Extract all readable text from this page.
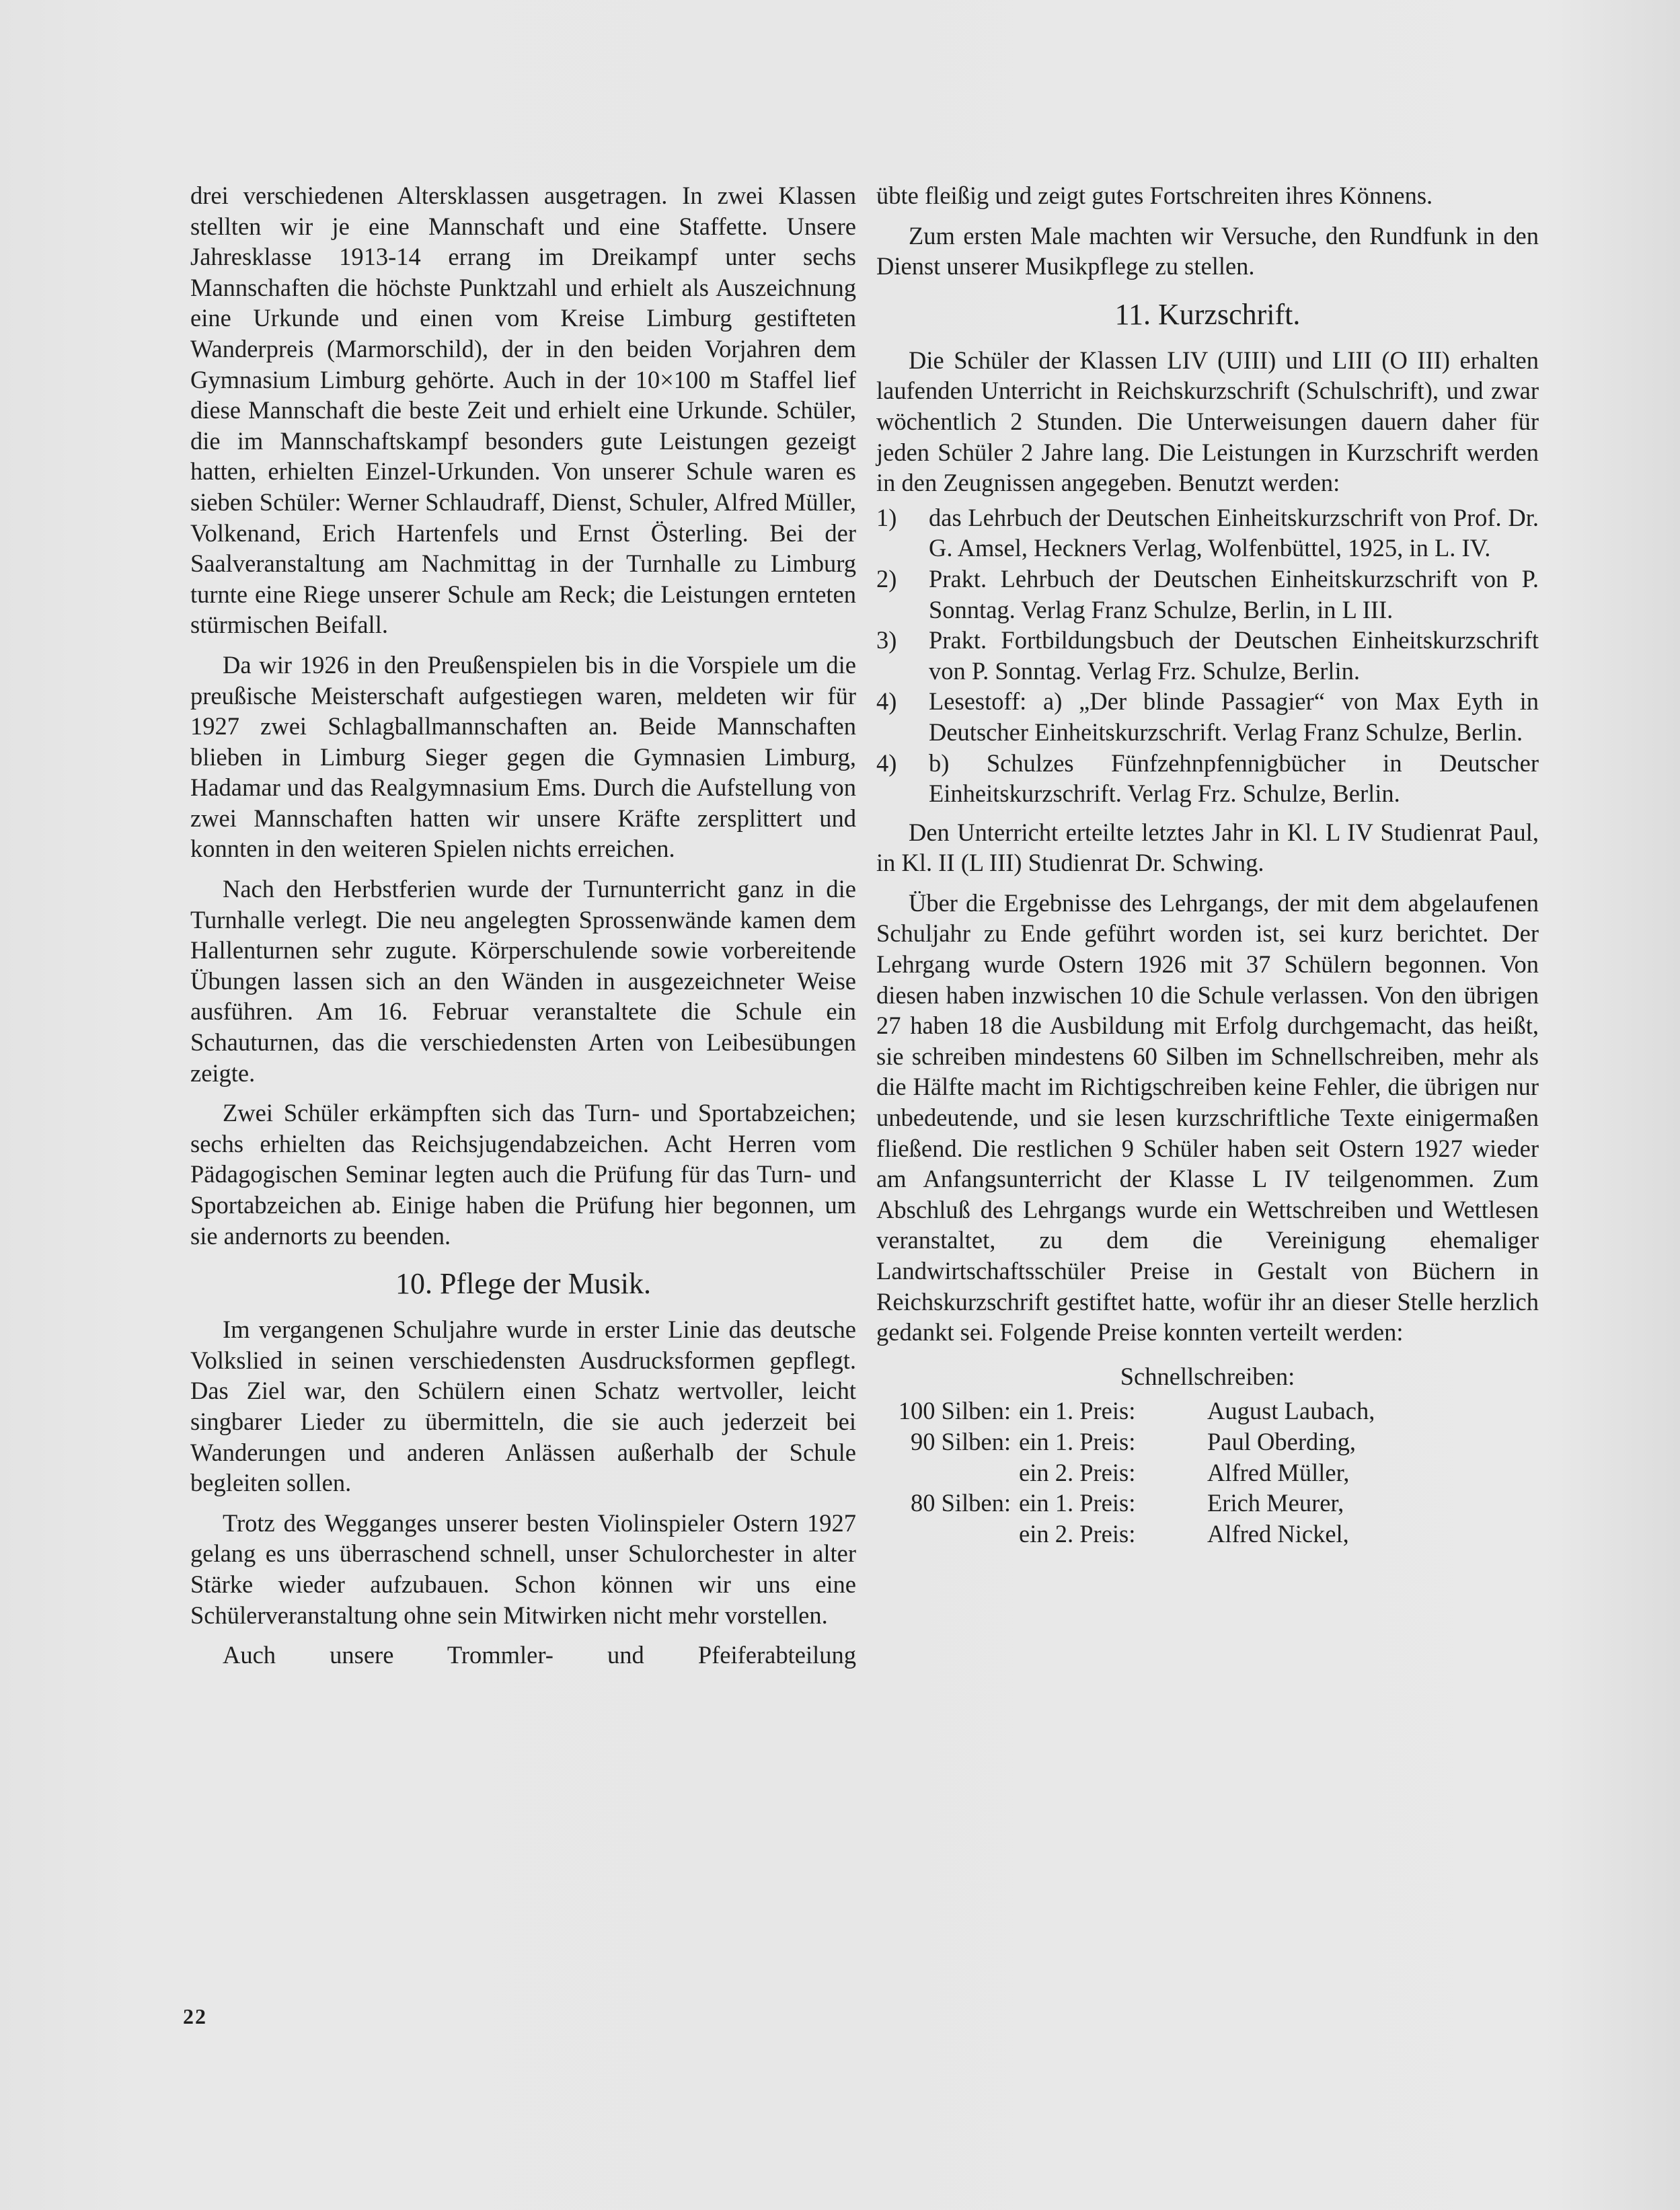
drei verschiedenen Altersklassen ausgetragen. In zwei Klassen stellten wir je eine Mannschaft und eine Staffette. Unsere Jahresklasse 1913-14 errang im Dreikampf unter sechs Mannschaften die höchste Punktzahl und erhielt als Auszeichnung eine Urkunde und einen vom Kreise Limburg gestifteten Wanderpreis (Marmorschild), der in den beiden Vorjahren dem Gymnasium Limburg gehörte. Auch in der 10×100 m Staffel lief diese Mannschaft die beste Zeit und erhielt eine Urkunde. Schüler, die im Mannschaftskampf besonders gute Leistungen gezeigt hatten, erhielten Einzel-Urkunden. Von unserer Schule waren es sieben Schüler: Werner Schlaudraff, Dienst, Schuler, Alfred Müller, Volkenand, Erich Hartenfels und Ernst Österling. Bei der Saalveranstaltung am Nachmittag in der Turnhalle zu Limburg turnte eine Riege unserer Schule am Reck; die Leistungen ernteten stürmischen Beifall.

Da wir 1926 in den Preußenspielen bis in die Vorspiele um die preußische Meisterschaft aufgestiegen waren, meldeten wir für 1927 zwei Schlagballmannschaften an. Beide Mannschaften blieben in Limburg Sieger gegen die Gymnasien Limburg, Hadamar und das Realgymnasium Ems. Durch die Aufstellung von zwei Mannschaften hatten wir unsere Kräfte zersplittert und konnten in den weiteren Spielen nichts erreichen.

Nach den Herbstferien wurde der Turnunterricht ganz in die Turnhalle verlegt. Die neu angelegten Sprossenwände kamen dem Hallenturnen sehr zugute. Körperschulende sowie vorbereitende Übungen lassen sich an den Wänden in ausgezeichneter Weise ausführen. Am 16. Februar veranstaltete die Schule ein Schauturnen, das die verschiedensten Arten von Leibesübungen zeigte.

Zwei Schüler erkämpften sich das Turn- und Sportabzeichen; sechs erhielten das Reichsjugendabzeichen. Acht Herren vom Pädagogischen Seminar legten auch die Prüfung für das Turn- und Sportabzeichen ab. Einige haben die Prüfung hier begonnen, um sie andernorts zu beenden.

10. Pflege der Musik.

Im vergangenen Schuljahre wurde in erster Linie das deutsche Volkslied in seinen verschiedensten Ausdrucksformen gepflegt. Das Ziel war, den Schülern einen Schatz wertvoller, leicht singbarer Lieder zu übermitteln, die sie auch jederzeit bei Wanderungen und anderen Anlässen außerhalb der Schule begleiten sollen.

Trotz des Wegganges unserer besten Violinspieler Ostern 1927 gelang es uns überraschend schnell, unser Schulorchester in alter Stärke wieder aufzubauen. Schon können wir uns eine Schülerveranstaltung ohne sein Mitwirken nicht mehr vorstellen.

Auch unsere Trommler- und Pfeiferabteilung

übte fleißig und zeigt gutes Fortschreiten ihres Könnens.

Zum ersten Male machten wir Versuche, den Rundfunk in den Dienst unserer Musikpflege zu stellen.

11. Kurzschrift.

Die Schüler der Klassen LIV (UIII) und LIII (O III) erhalten laufenden Unterricht in Reichskurzschrift (Schulschrift), und zwar wöchentlich 2 Stunden. Die Unterweisungen dauern daher für jeden Schüler 2 Jahre lang. Die Leistungen in Kurzschrift werden in den Zeugnissen angegeben. Benutzt werden:

1)	das Lehrbuch der Deutschen Einheitskurzschrift von Prof. Dr. G. Amsel, Heckners Verlag, Wolfenbüttel, 1925, in L. IV.
2)	Prakt. Lehrbuch der Deutschen Einheitskurzschrift von P. Sonntag. Verlag Franz Schulze, Berlin, in L III.
3)	Prakt. Fortbildungsbuch der Deutschen Einheitskurzschrift von P. Sonntag. Verlag Frz. Schulze, Berlin.
4)	Lesestoff: a) „Der blinde Passagier“ von Max Eyth in Deutscher Einheitskurzschrift. Verlag Franz Schulze, Berlin.
4)	b) Schulzes Fünfzehnpfennigbücher in Deutscher Einheitskurzschrift. Verlag Frz. Schulze, Berlin.

Den Unterricht erteilte letztes Jahr in Kl. L IV Studienrat Paul, in Kl. II (L III) Studienrat Dr. Schwing.

Über die Ergebnisse des Lehrgangs, der mit dem abgelaufenen Schuljahr zu Ende geführt worden ist, sei kurz berichtet. Der Lehrgang wurde Ostern 1926 mit 37 Schülern begonnen. Von diesen haben inzwischen 10 die Schule verlassen. Von den übrigen 27 haben 18 die Ausbildung mit Erfolg durchgemacht, das heißt, sie schreiben mindestens 60 Silben im Schnellschreiben, mehr als die Hälfte macht im Richtigschreiben keine Fehler, die übrigen nur unbedeutende, und sie lesen kurzschriftliche Texte einigermaßen fließend. Die restlichen 9 Schüler haben seit Ostern 1927 wieder am Anfangsunterricht der Klasse L IV teilgenommen. Zum Abschluß des Lehrgangs wurde ein Wettschreiben und Wettlesen veranstaltet, zu dem die Vereinigung ehemaliger Landwirtschaftsschüler Preise in Gestalt von Büchern in Reichskurzschrift gestiftet hatte, wofür ihr an dieser Stelle herzlich gedankt sei. Folgende Preise konnten verteilt werden:

Schnellschreiben:
100 Silben: ein 1. Preis:	August Laubach,
90 Silben: ein 1. Preis:	Paul Oberding,
ein 2. Preis:	Alfred Müller,
80 Silben: ein 1. Preis:	Erich Meurer,
ein 2. Preis:	Alfred Nickel,
22
